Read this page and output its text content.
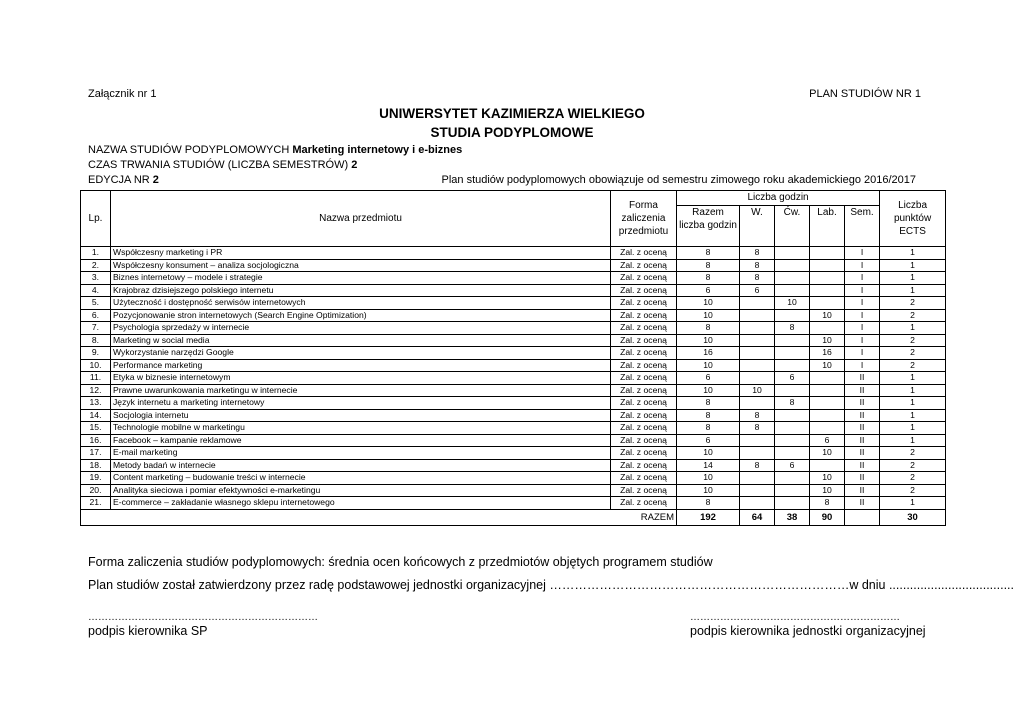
Załącznik nr 1	PLAN STUDIÓW NR 1
UNIWERSYTET KAZIMIERZA WIELKIEGO
STUDIA PODYPLOMOWE
NAZWA STUDIÓW PODYPLOMOWYCH Marketing internetowy i e-biznes
CZAS TRWANIA STUDIÓW (LICZBA SEMESTRÓW) 2
EDYCJA NR 2	Plan studiów podyplomowych obowiązuje od semestru zimowego roku akademickiego 2016/2017
Lp.	Nazwa przedmiotu	Forma zaliczenia przedmiotu	Liczba godzin					Liczba punktów ECTS
			Razem liczba godzin	W.	Ćw.	Lab.	Sem.	
1.	Współczesny marketing i PR	Zal. z oceną	8	8			I	1
2.	Współczesny konsument – analiza socjologiczna	Zal. z oceną	8	8			I	1
3.	Biznes internetowy – modele i strategie	Zal. z oceną	8	8			I	1
4.	Krajobraz dzisiejszego polskiego internetu	Zal. z oceną	6	6			I	1
5.	Użyteczność i dostępność serwisów internetowych	Zal. z oceną	10		10		I	2
6.	Pozycjonowanie stron internetowych (Search Engine Optimization)	Zal. z oceną	10			10	I	2
7.	Psychologia sprzedaży w internecie	Zal. z oceną	8		8		I	1
8.	Marketing w social media	Zal. z oceną	10			10	I	2
9.	Wykorzystanie narzędzi Google	Zal. z oceną	16			16	I	2
10.	Performance marketing	Zal. z oceną	10			10	I	2
11.	Etyka w biznesie internetowym	Zal. z oceną	6		6		II	1
12.	Prawne uwarunkowania marketingu w internecie	Zal. z oceną	10	10			II	1
13.	Język internetu a marketing internetowy	Zal. z oceną	8		8		II	1
14.	Socjologia internetu	Zal. z oceną	8	8			II	1
15.	Technologie mobilne w marketingu	Zal. z oceną	8	8			II	1
16.	Facebook – kampanie reklamowe	Zal. z oceną	6			6	II	1
17.	E-mail marketing	Zal. z oceną	10			10	II	2
18.	Metody badań w internecie	Zal. z oceną	14	8	6		II	2
19.	Content marketing – budowanie treści w internecie	Zal. z oceną	10			10	II	2
20.	Analityka sieciowa i pomiar efektywności e-marketingu	Zal. z oceną	10			10	II	2
21.	E-commerce – zakładanie własnego sklepu internetowego	Zal. z oceną	8			8	II	1
RAZEM			192	64	38	90		30
Forma zaliczenia studiów podyplomowych: średnia ocen końcowych z przedmiotów objętych programem studiów
Plan studiów został zatwierdzony przez radę podstawowej jednostki organizacyjnej ………………………………………………………………w dniu ....................................
……………………………………………………………	………………………………………………………
podpis kierownika SP	podpis kierownika jednostki organizacyjnej
